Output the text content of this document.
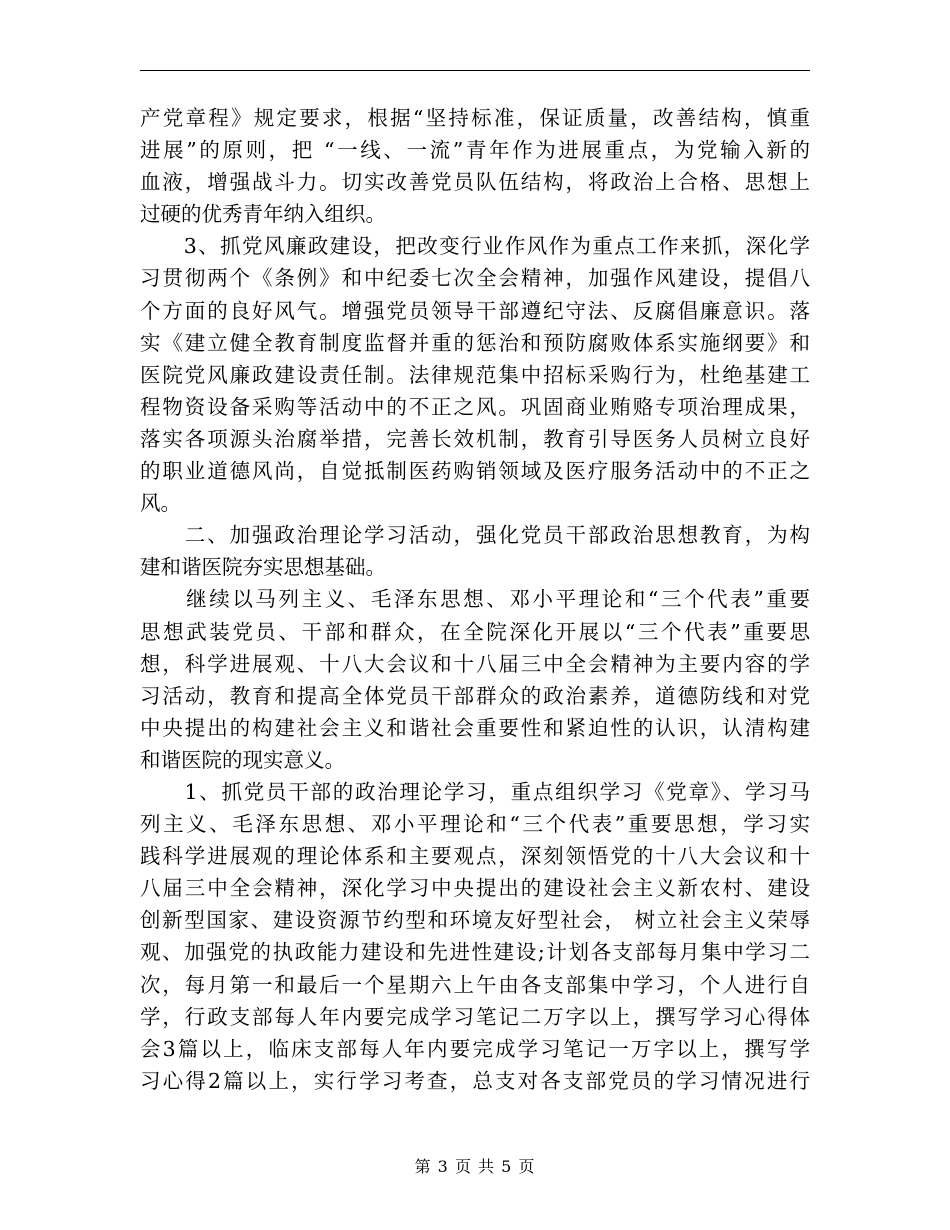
产党章程》规定要求，根据“坚持标准，保证质量，改善结构，慎重
进展”的原则，把 “一线、一流”青年作为进展重点，为党输入新的
血液，增强战斗力。切实改善党员队伍结构，将政治上合格、思想上
过硬的优秀青年纳入组织。
　　3、抓党风廉政建设，把改变行业作风作为重点工作来抓，深化学
习贯彻两个《条例》和中纪委七次全会精神，加强作风建设，提倡八
个方面的良好风气。增强党员领导干部遵纪守法、反腐倡廉意识。落
实《建立健全教育制度监督并重的惩治和预防腐败体系实施纲要》和
医院党风廉政建设责任制。法律规范集中招标采购行为，杜绝基建工
程物资设备采购等活动中的不正之风。巩固商业贿赂专项治理成果，
落实各项源头治腐举措，完善长效机制，教育引导医务人员树立良好
的职业道德风尚，自觉抵制医药购销领域及医疗服务活动中的不正之
风。
　　二、加强政治理论学习活动，强化党员干部政治思想教育，为构
建和谐医院夯实思想基础。
　　继续以马列主义、毛泽东思想、邓小平理论和“三个代表”重要
思想武装党员、干部和群众，在全院深化开展以“三个代表”重要思
想，科学进展观、十八大会议和十八届三中全会精神为主要内容的学
习活动，教育和提高全体党员干部群众的政治素养，道德防线和对党
中央提出的构建社会主义和谐社会重要性和紧迫性的认识，认清构建
和谐医院的现实意义。
　　1、抓党员干部的政治理论学习，重点组织学习《党章》、学习马
列主义、毛泽东思想、邓小平理论和“三个代表”重要思想，学习实
践科学进展观的理论体系和主要观点，深刻领悟党的十八大会议和十
八届三中全会精神，深化学习中央提出的建设社会主义新农村、建设
创新型国家、建设资源节约型和环境友好型社会， 树立社会主义荣辱
观、加强党的执政能力建设和先进性建设;计划各支部每月集中学习二
次，每月第一和最后一个星期六上午由各支部集中学习，个人进行自
学，行政支部每人年内要完成学习笔记二万字以上，撰写学习心得体
会3篇以上，临床支部每人年内要完成学习笔记一万字以上，撰写学
习心得2篇以上，实行学习考查，总支对各支部党员的学习情况进行
第 3 页 共 5 页
